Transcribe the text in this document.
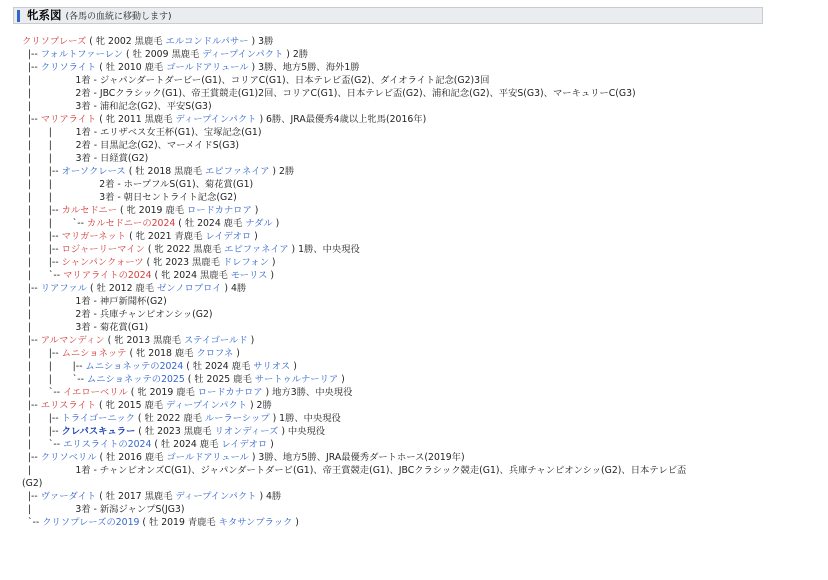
牝系図 (各馬の血統に移動します)
クリソプレーズ ( 牝 2002 黒鹿毛 エルコンドルパサー ) 3勝
|-- フォルトファーレン ( 牡 2009 黒鹿毛 ディープインパクト ) 2勝
|-- クリソライト ( 牡 2010 鹿毛 ゴールドアリュール ) 3勝、地方5勝、海外1勝
|               1着 - ジャパンダートダービー(G1)、コリアC(G1)、日本テレビ盃(G2)、ダイオライト記念(G2)3回
|               2着 - JBCクラシック(G1)、帝王賞競走(G1)2回、コリアC(G1)、日本テレビ盃(G2)、浦和記念(G2)、平安S(G3)、マーキュリーC(G3)
|               3着 - 浦和記念(G2)、平安S(G3)
|-- マリアライト ( 牝 2011 黒鹿毛 ディープインパクト ) 6勝、JRA最優秀4歳以上牝馬(2016年)
|      |        1着 - エリザベス女王杯(G1)、宝塚記念(G1)
|      |        2着 - 目黒記念(G2)、マーメイドS(G3)
|      |        3着 - 日経賞(G2)
|      |-- オーソクレース ( 牡 2018 黒鹿毛 エピファネイア ) 2勝
|      |                2着 - ホープフルS(G1)、菊花賞(G1)
|      |                3着 - 朝日セントライト記念(G2)
|      |-- カルセドニー ( 牝 2019 鹿毛 ロードカナロア )
|      |       `-- カルセドニーの2024 ( 牡 2024 鹿毛 ナダル )
|      |-- マリガーネット ( 牝 2021 青鹿毛 レイデオロ )
|      |-- ロジャーリーマイン ( 牝 2022 黒鹿毛 エピファネイア ) 1勝、中央現役
|      |-- シャンパンクォーツ ( 牝 2023 黒鹿毛 ドレフォン )
|      `-- マリアライトの2024 ( 牝 2024 黒鹿毛 モーリス )
|-- リアファル ( 牡 2012 鹿毛 ゼンノロブロイ ) 4勝
|               1着 - 神戸新聞杯(G2)
|               2着 - 兵庫チャンピオンシッ(G2)
|               3着 - 菊花賞(G1)
|-- アルマンディン ( 牝 2013 黒鹿毛 ステイゴールド )
|      |-- ムニショネッテ ( 牝 2018 鹿毛 クロフネ )
|      |       |-- ムニショネッテの2024 ( 牡 2024 鹿毛 サリオス )
|      |       `-- ムニショネッテの2025 ( 牡 2025 鹿毛 サートゥルナーリア )
|      `-- イエローベリル ( 牝 2019 鹿毛 ロードカナロア ) 地方3勝、中央現役
|-- エリスライト ( 牝 2015 鹿毛 ディープインパクト ) 2勝
|      |-- トライゴーニック ( 牡 2022 鹿毛 ルーラーシップ ) 1勝、中央現役
|      |-- クレパスキュラー ( 牡 2023 黒鹿毛 リオンディーズ ) 中央現役
|      `-- エリスライトの2024 ( 牡 2024 鹿毛 レイデオロ )
|-- クリソベリル ( 牡 2016 鹿毛 ゴールドアリュール ) 3勝、地方5勝、JRA最優秀ダートホース(2019年)
|               1着 - チャンピオンズC(G1)、ジャパンダートダービ(G1)、帝王賞競走(G1)、JBCクラシック競走(G1)、兵庫チャンピオンシッ(G2)、日本テレビ盃
(G2)
|-- ヴァーダイト ( 牡 2017 黒鹿毛 ディープインパクト ) 4勝
|               3着 - 新潟ジャンプS(JG3)
`-- クリソプレーズの2019 ( 牡 2019 青鹿毛 キタサンブラック )
